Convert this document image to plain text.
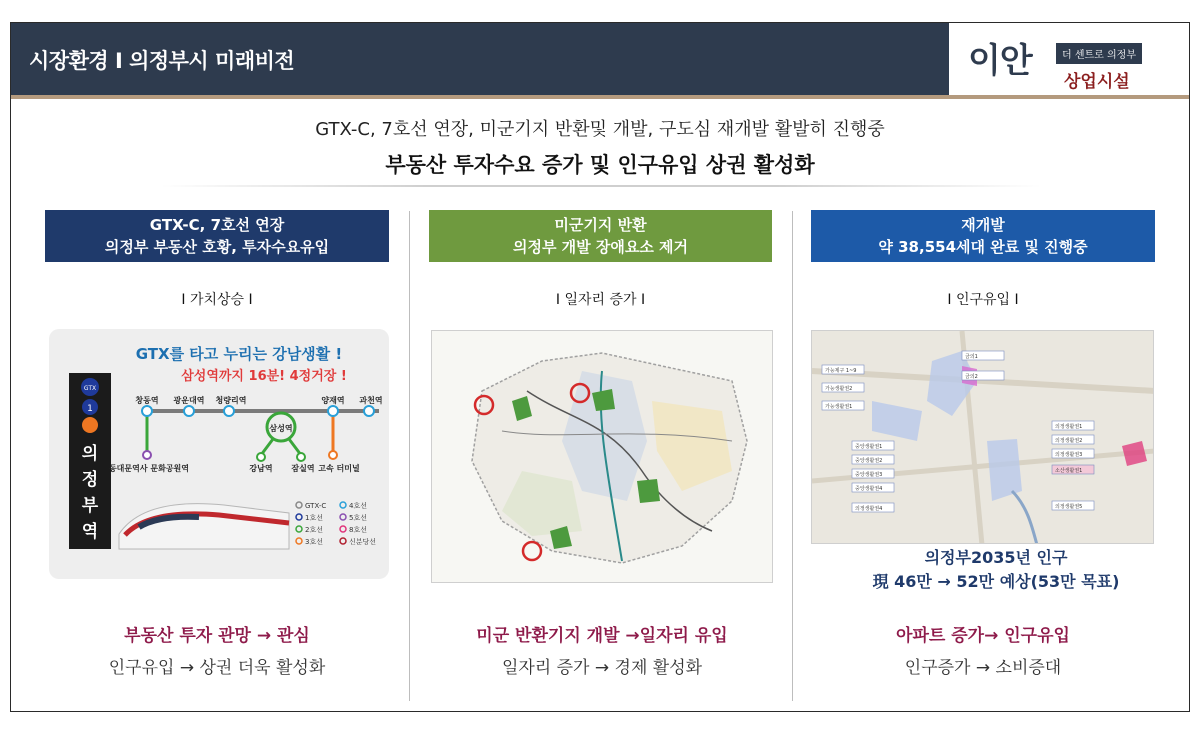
시장환경 I 의정부시 미래비전	이안	더 센트로 의정부
상업시설
GTX-C, 7호선 연장, 미군기지 반환및 개발, 구도심 재개발 활발히 진행중
부동산 투자수요 증가 및 인구유입 상권 활성화
GTX-C, 7호선 연장
의정부 부동산 호황, 투자수요유입
I 가치상승 I
GTX를 타고 누리는 강남생활 !
삼성역까지 16분! 4정거장 !
GTX
1
의
정
부
역
창동역 광운대역 청량리역
삼성역
양재역 과천역
동대문역사 문화공원역	강남역 잠실역 고속 터미널
GTX-C
1호선
2호선
3호선
4호선
5호선
8호선
신분당선
부동산 투자 관망 → 관심
인구유입 → 상권 더욱 활성화
미군기지 반환
의정부 개발 장애요소 제거
I 일자리 증가 I
미군 반환기지 개발 →일자리 유입
일자리 증가 → 경제 활성화
재개발
약 38,554세대 완료 및 진행중
I 인구유입 I
가능제구 1~9
가능생활권2
가능생활권1
금의1
금의2
중앙생활권1
중앙생활권2
중앙생활권3
중앙생활권4
의정생활권1
의정생활권2
의정생활권3
의정생활권4	의정생활권5
소산생활권1
의정부2035년 인구
現 46만 → 52만 예상(53만 목표)
아파트 증가→ 인구유입
인구증가 → 소비증대
